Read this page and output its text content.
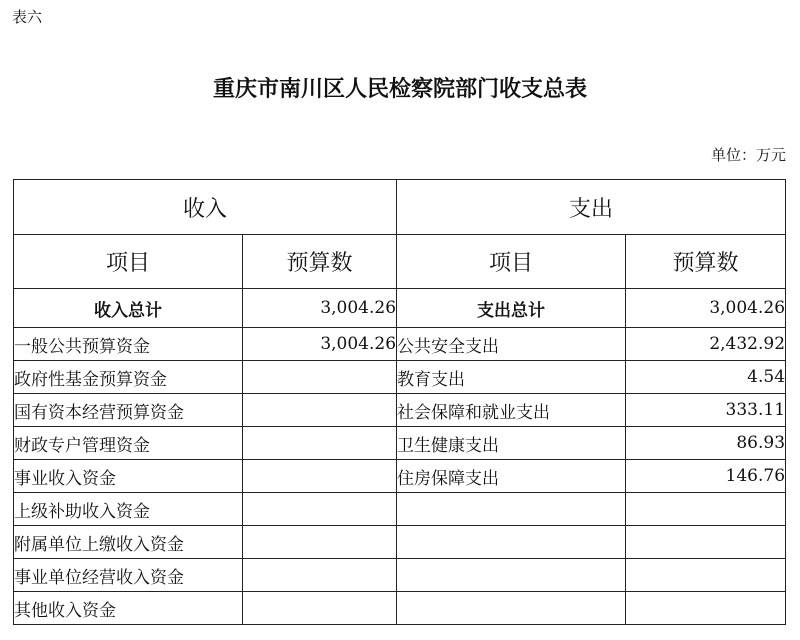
表六
重庆市南川区人民检察院部门收支总表
单位：万元
收入		支出	
项目	预算数	项目	预算数
收入总计	3,004.26	支出总计	3,004.26
一般公共预算资金	3,004.26	公共安全支出	2,432.92
政府性基金预算资金		教育支出	4.54
国有资本经营预算资金		社会保障和就业支出	333.11
财政专户管理资金		卫生健康支出	86.93
事业收入资金		住房保障支出	146.76
上级补助收入资金			
附属单位上缴收入资金			
事业单位经营收入资金			
其他收入资金			
